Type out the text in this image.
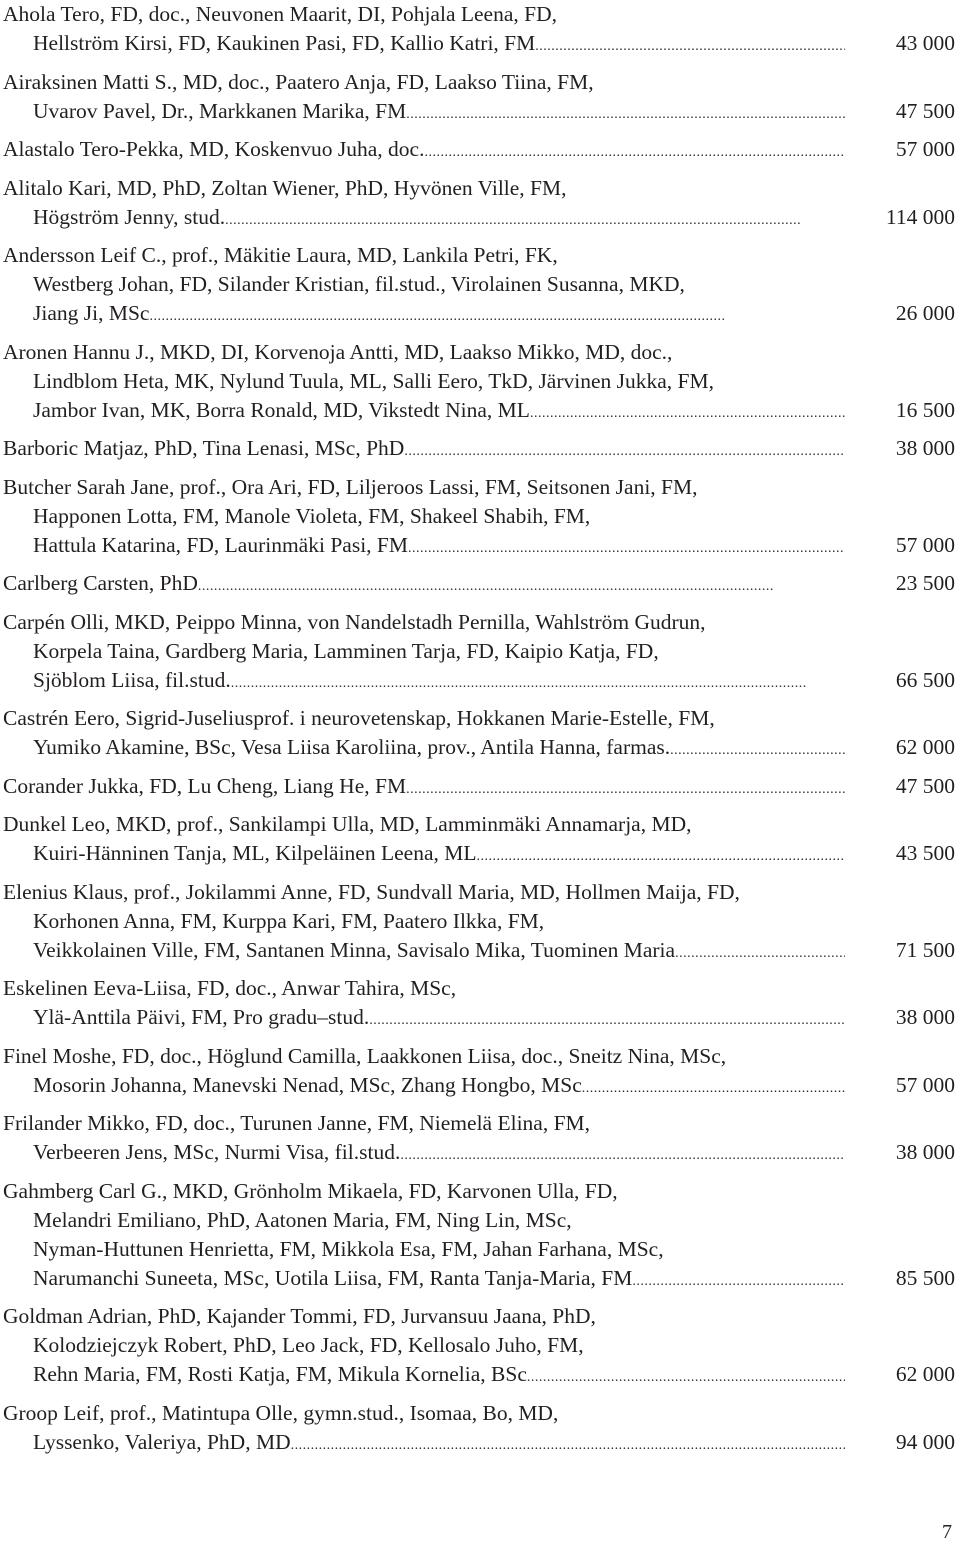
Ahola Tero, FD, doc., Neuvonen Maarit, DI, Pohjala Leena, FD,
Hellström Kirsi, FD, Kaukinen Pasi, FD, Kallio Katri, FM . . .	43 000
Airaksinen Matti S., MD, doc., Paatero Anja, FD, Laakso Tiina, FM,
Uvarov Pavel, Dr., Markkanen Marika, FM . . .	47 500
Alastalo Tero-Pekka, MD, Koskenvuo Juha, doc. . . .	57 000
Alitalo Kari, MD, PhD, Zoltan Wiener, PhD, Hyvönen Ville, FM,
Högström Jenny, stud. . . .	114 000
Andersson Leif C., prof., Mäkitie Laura, MD, Lankila Petri, FK,
Westberg Johan, FD, Silander Kristian, fil.stud., Virolainen Susanna, MKD,
Jiang Ji, MSc . . .	26 000
Aronen Hannu J., MKD, DI, Korvenoja Antti, MD, Laakso Mikko, MD, doc.,
Lindblom Heta, MK, Nylund Tuula, ML, Salli Eero, TkD, Järvinen Jukka, FM,
Jambor Ivan, MK, Borra Ronald, MD, Vikstedt Nina, ML . . .	16 500
Barboric Matjaz, PhD, Tina Lenasi, MSc, PhD . . .	38 000
Butcher Sarah Jane, prof., Ora Ari, FD, Liljeroos Lassi, FM, Seitsonen Jani, FM,
Happonen Lotta, FM, Manole Violeta, FM, Shakeel Shabih, FM,
Hattula Katarina, FD, Laurinmäki Pasi, FM . . .	57 000
Carlberg Carsten, PhD . . .	23 500
Carpén Olli, MKD, Peippo Minna, von Nandelstadh Pernilla, Wahlström Gudrun,
Korpela Taina, Gardberg Maria, Lamminen Tarja, FD, Kaipio Katja, FD,
Sjöblom Liisa, fil.stud. . . .	66 500
Castrén Eero, Sigrid-Juseliusprof. i neurovetenskap, Hokkanen Marie-Estelle, FM,
Yumiko Akamine, BSc, Vesa Liisa Karoliina, prov., Antila Hanna, farmas. . . .	62 000
Corander Jukka, FD, Lu Cheng, Liang He, FM . . .	47 500
Dunkel Leo, MKD, prof., Sankilampi Ulla, MD, Lamminmäki Annamarja, MD,
Kuiri-Hänninen Tanja, ML, Kilpeläinen Leena, ML . . .	43 500
Elenius Klaus, prof., Jokilammi Anne, FD, Sundvall Maria, MD, Hollmen Maija, FD,
Korhonen Anna, FM, Kurppa Kari, FM, Paatero Ilkka, FM,
Veikkolainen Ville, FM, Santanen Minna, Savisalo Mika, Tuominen Maria . . .	71 500
Eskelinen Eeva-Liisa, FD, doc., Anwar Tahira, MSc,
Ylä-Anttila Päivi, FM, Pro gradu–stud. . . .	38 000
Finel Moshe, FD, doc., Höglund Camilla, Laakkonen Liisa, doc., Sneitz Nina, MSc,
Mosorin Johanna, Manevski Nenad, MSc, Zhang Hongbo, MSc . . .	57 000
Frilander Mikko, FD, doc., Turunen Janne, FM, Niemelä Elina, FM,
Verbeeren Jens, MSc, Nurmi Visa, fil.stud. . . .	38 000
Gahmberg Carl G., MKD, Grönholm Mikaela, FD, Karvonen Ulla, FD,
Melandri Emiliano, PhD, Aatonen Maria, FM, Ning Lin, MSc,
Nyman-Huttunen Henrietta, FM, Mikkola Esa, FM, Jahan Farhana, MSc,
Narumanchi Suneeta, MSc, Uotila Liisa, FM, Ranta Tanja-Maria, FM . . .	85 500
Goldman Adrian, PhD, Kajander Tommi, FD, Jurvansuu Jaana, PhD,
Kolodziejczyk Robert, PhD, Leo Jack, FD, Kellosalo Juho, FM,
Rehn Maria, FM, Rosti Katja, FM, Mikula Kornelia, BSc . . .	62 000
Groop Leif, prof., Matintupa Olle, gymn.stud., Isomaa, Bo, MD,
Lyssenko, Valeriya, PhD, MD . . .	94 000
7
